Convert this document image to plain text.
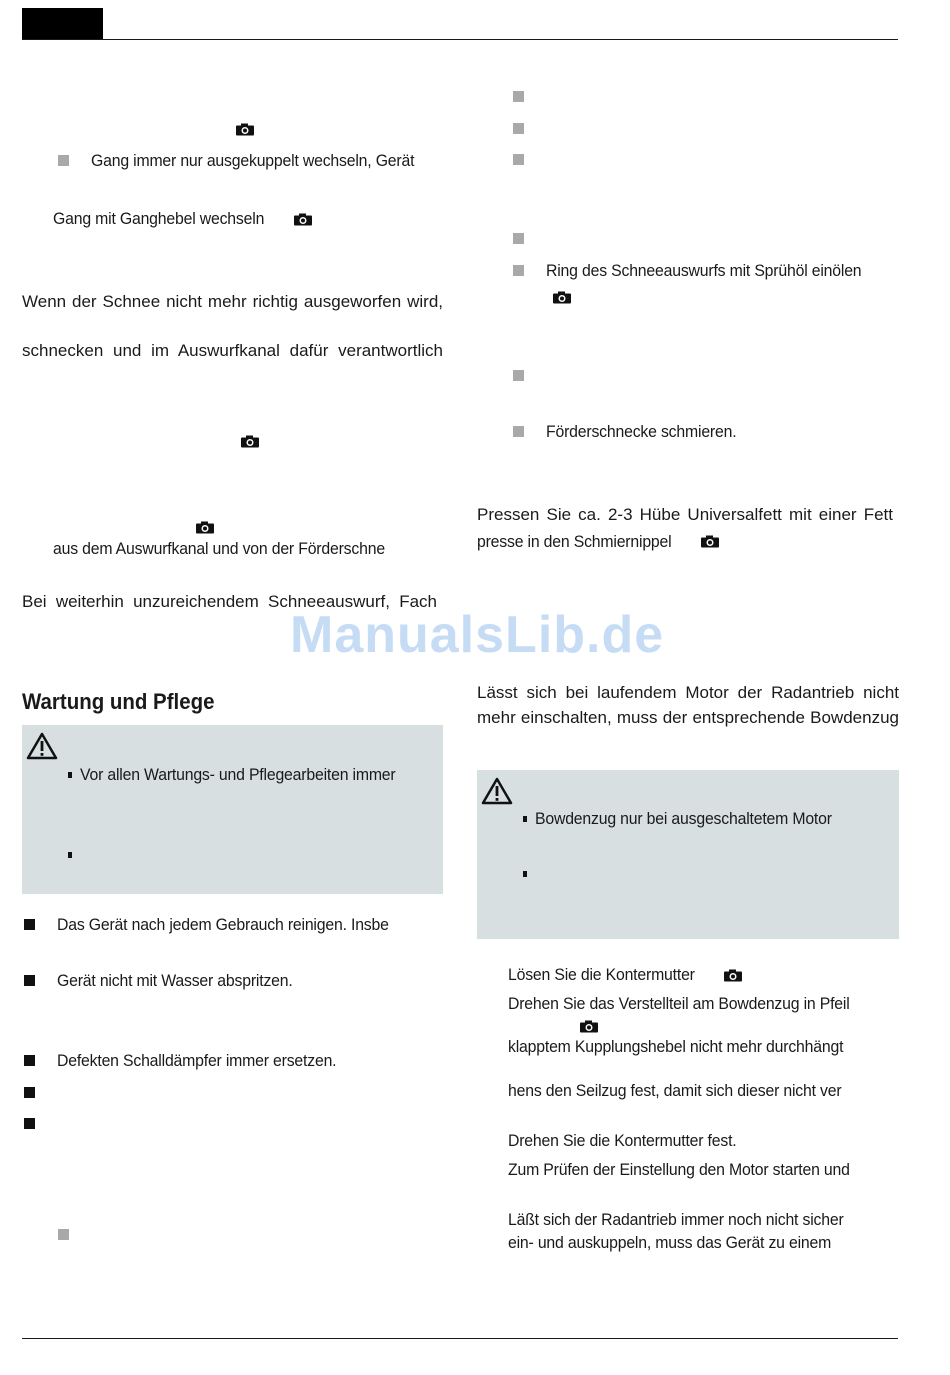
Gang immer nur ausgekuppelt wechseln, Gerät
Gang mit Ganghebel wechseln
Wenn der Schnee nicht mehr richtig ausgeworfen wird,
schnecken und im Auswurfkanal dafür verantwortlich
aus dem Auswurfkanal und von der Förderschne
Bei weiterhin unzureichendem Schneeauswurf, Fach
Wartung und Pflege
Vor allen Wartungs- und Pflegearbeiten immer
Das Gerät nach jedem Gebrauch reinigen. Insbe
Gerät nicht mit Wasser abspritzen.
Defekten Schalldämpfer immer ersetzen.
Ring des Schneeauswurfs mit Sprühöl einölen
Förderschnecke schmieren.
Pressen Sie ca. 2-3 Hübe Universalfett mit einer Fett
presse in den Schmiernippel
Lässt sich bei laufendem Motor der Radantrieb nicht
mehr einschalten, muss der entsprechende Bowdenzug
Bowdenzug nur bei ausgeschaltetem Motor
Lösen Sie die Kontermutter
Drehen Sie das Verstellteil am Bowdenzug in Pfeil
klapptem Kupplungshebel nicht mehr durchhängt
hens den Seilzug fest, damit sich dieser nicht ver
Drehen Sie die Kontermutter fest.
Zum Prüfen der Einstellung den Motor starten und
Läßt sich der Radantrieb immer noch nicht sicher
ein- und auskuppeln, muss das Gerät zu einem
ManualsLib.de
